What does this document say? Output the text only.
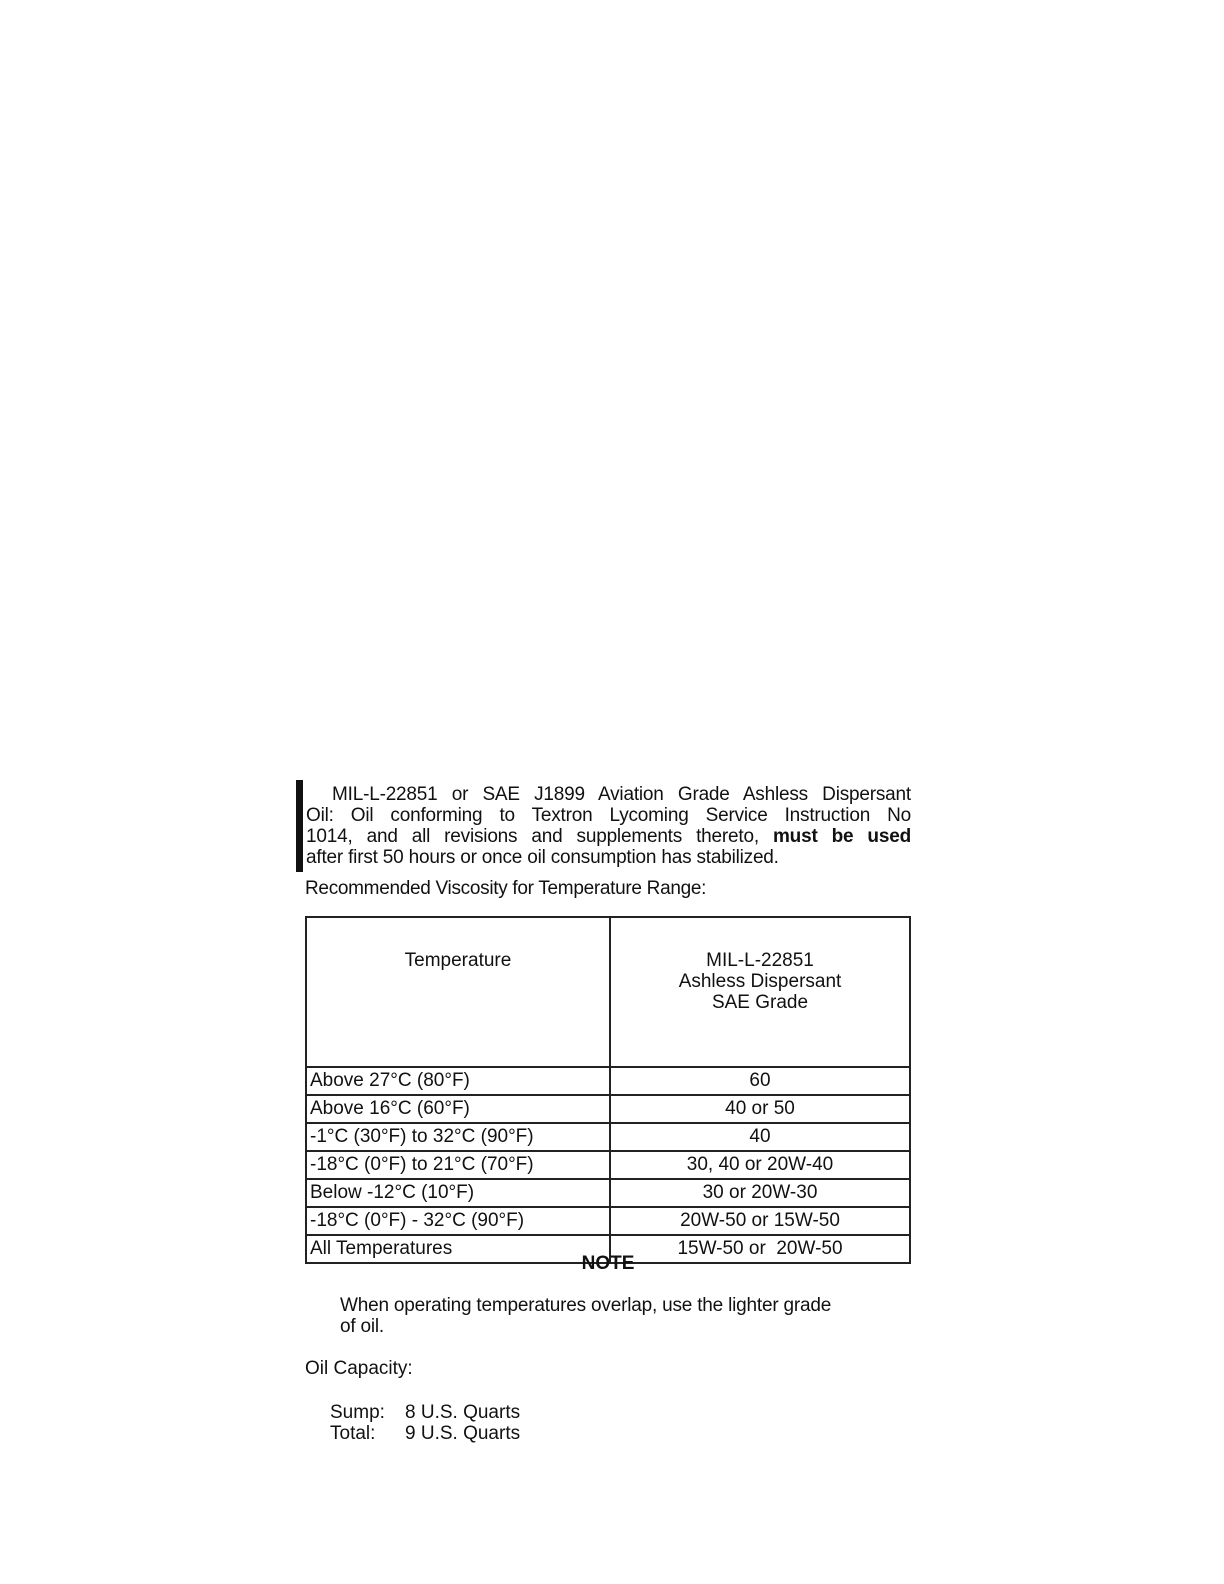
MIL-L-22851 or SAE J1899 Aviation Grade Ashless Dispersant
Oil: Oil conforming to Textron Lycoming Service Instruction No
1014, and all revisions and supplements thereto, must be used
after first 50 hours or once oil consumption has stabilized.
Recommended Viscosity for Temperature Range:
Temperature	MIL-L-22851
Ashless Dispersant
SAE Grade

Above 27°C (80°F)	60
Above 16°C (60°F)	40 or 50
-1°C (30°F) to 32°C (90°F)	40
-18°C (0°F) to 21°C (70°F)	30, 40 or 20W-40
Below -12°C (10°F)	30 or 20W-30
-18°C (0°F) - 32°C (90°F)	20W-50 or 15W-50
All Temperatures	15W-50 or  20W-50
NOTE
When operating temperatures overlap, use the lighter grade
of oil.
Oil Capacity:
Sump: 8 U.S. Quarts
Total: 9 U.S. Quarts
